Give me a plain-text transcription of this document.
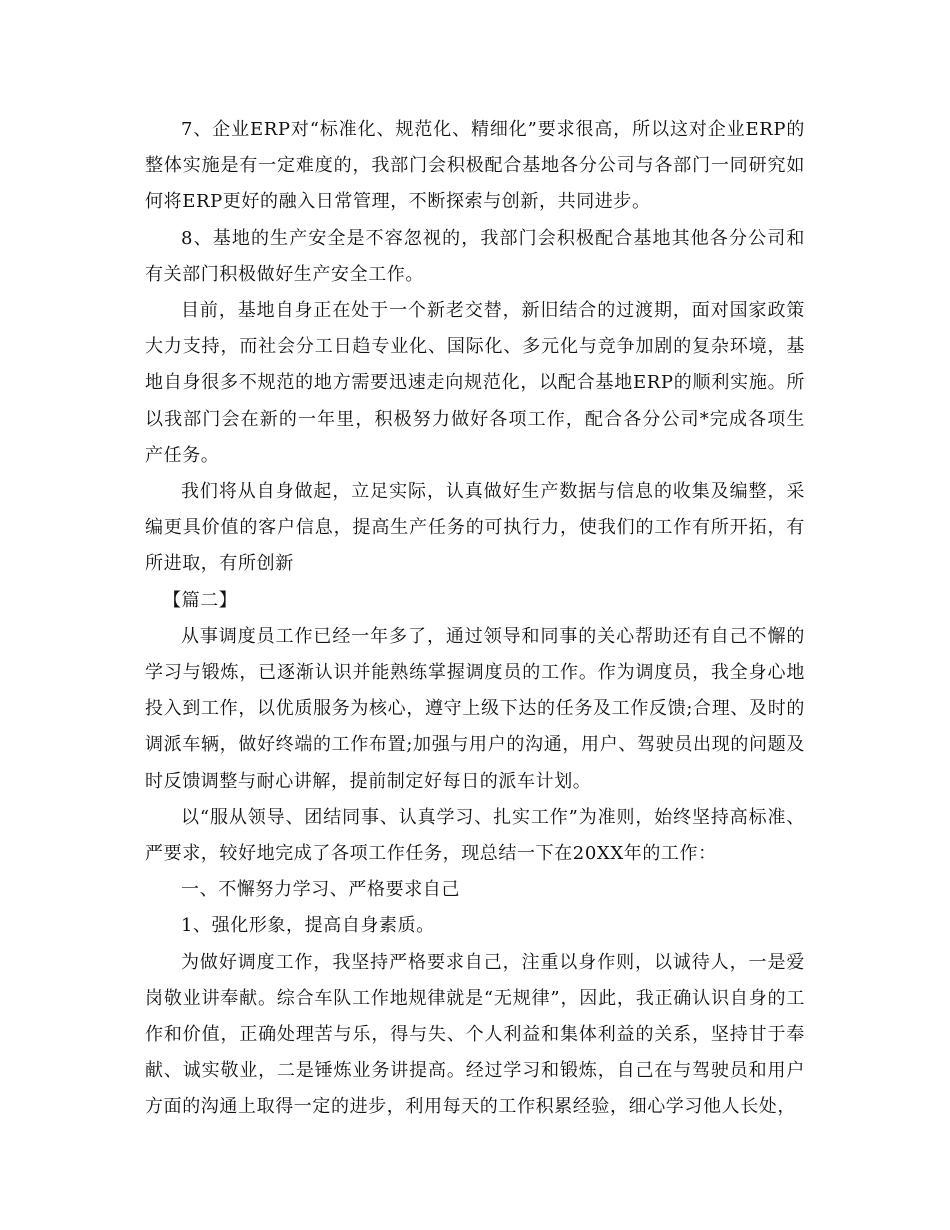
7、企业ERP对“标准化、规范化、精细化”要求很高，所以这对企业ERP的整体实施是有一定难度的，我部门会积极配合基地各分公司与各部门一同研究如何将ERP更好的融入日常管理，不断探索与创新，共同进步。

8、基地的生产安全是不容忽视的，我部门会积极配合基地其他各分公司和有关部门积极做好生产安全工作。

目前，基地自身正在处于一个新老交替，新旧结合的过渡期，面对国家政策大力支持，而社会分工日趋专业化、国际化、多元化与竞争加剧的复杂环境，基地自身很多不规范的地方需要迅速走向规范化，以配合基地ERP的顺利实施。所以我部门会在新的一年里，积极努力做好各项工作，配合各分公司*完成各项生产任务。

我们将从自身做起，立足实际，认真做好生产数据与信息的收集及编整，采编更具价值的客户信息，提高生产任务的可执行力，使我们的工作有所开拓，有所进取，有所创新

【篇二】

从事调度员工作已经一年多了，通过领导和同事的关心帮助还有自己不懈的学习与锻炼，已逐渐认识并能熟练掌握调度员的工作。作为调度员，我全身心地投入到工作，以优质服务为核心，遵守上级下达的任务及工作反馈;合理、及时的调派车辆，做好终端的工作布置;加强与用户的沟通，用户、驾驶员出现的问题及时反馈调整与耐心讲解，提前制定好每日的派车计划。

以“服从领导、团结同事、认真学习、扎实工作”为准则，始终坚持高标准、严要求，较好地完成了各项工作任务，现总结一下在20XX年的工作：

一、不懈努力学习、严格要求自己

1、强化形象，提高自身素质。

为做好调度工作，我坚持严格要求自己，注重以身作则，以诚待人，一是爱岗敬业讲奉献。综合车队工作地规律就是“无规律”，因此，我正确认识自身的工作和价值，正确处理苦与乐，得与失、个人利益和集体利益的关系，坚持甘于奉献、诚实敬业，二是锤炼业务讲提高。经过学习和锻炼，自己在与驾驶员和用户方面的沟通上取得一定的进步，利用每天的工作积累经验，细心学习他人长处，
